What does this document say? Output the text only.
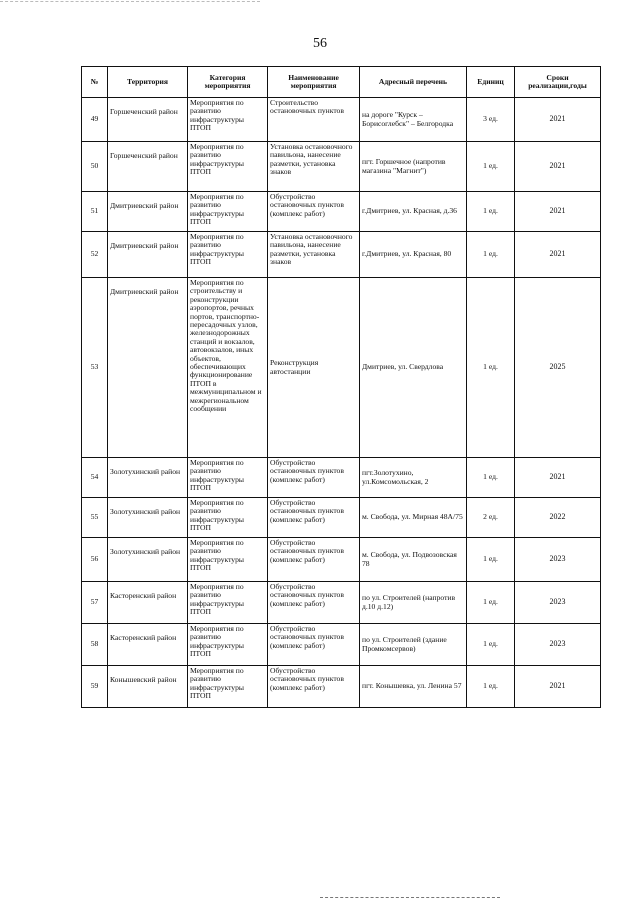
56
№	Территория	Категория мероприятия	Наименование мероприятия	Адресный перечень	Единиц	Сроки реализации,годы
49	Горшеченский район	Мероприятия по развитию инфраструктуры ПТОП	Строительство остановочных пунктов	на дороге "Курск – Борисоглебск" – Белгородка	3 ед.	2021
50	Горшеченский район	Мероприятия по развитию инфраструктуры ПТОП	Установка остановочного павильона, нанесение разметки, установка знаков	пгт. Горшечное (напротив магазина "Магнит")	1 ед.	2021
51	Дмитриевский район	Мероприятия по развитию инфраструктуры ПТОП	Обустройство остановочных пунктов (комплекс работ)	г.Дмитриев, ул. Красная, д.36	1 ед.	2021
52	Дмитриевский район	Мероприятия по развитию инфраструктуры ПТОП	Установка остановочного павильона, нанесение разметки, установка знаков	г.Дмитриев, ул. Красная, 80	1 ед.	2021
53	Дмитриевский район	Мероприятия по строительству и реконструкции аэропортов, речных портов, транспортно-пересадочных узлов, железнодорожных станций и вокзалов, автовокзалов, иных объектов, обеспечивающих функционирование ПТОП в межмуниципальном и межрегиональном сообщении	Реконструкция автостанции	Дмитриев, ул. Свердлова	1 ед.	2025
54	Золотухинский район	Мероприятия по развитию инфраструктуры ПТОП	Обустройство остановочных пунктов (комплекс работ)	пгт.Золотухино, ул.Комсомольская, 2	1 ед.	2021
55	Золотухинский район	Мероприятия по развитию инфраструктуры ПТОП	Обустройство остановочных пунктов (комплекс работ)	м. Свобода, ул. Мирная 48А/75	2 ед.	2022
56	Золотухинский район	Мероприятия по развитию инфраструктуры ПТОП	Обустройство остановочных пунктов (комплекс работ)	м. Свобода, ул. Подвозовская 78	1 ед.	2023
57	Касторенский район	Мероприятия по развитию инфраструктуры ПТОП	Обустройство остановочных пунктов (комплекс работ)	по ул. Строителей (напротив д.10 д.12)	1 ед.	2023
58	Касторенский район	Мероприятия по развитию инфраструктуры ПТОП	Обустройство остановочных пунктов (комплекс работ)	по ул. Строителей (здание Промкомсервов)	1 ед.	2023
59	Конышевский район	Мероприятия по развитию инфраструктуры ПТОП	Обустройство остановочных пунктов (комплекс работ)	пгт. Конышевка, ул. Ленина 57	1 ед.	2021
